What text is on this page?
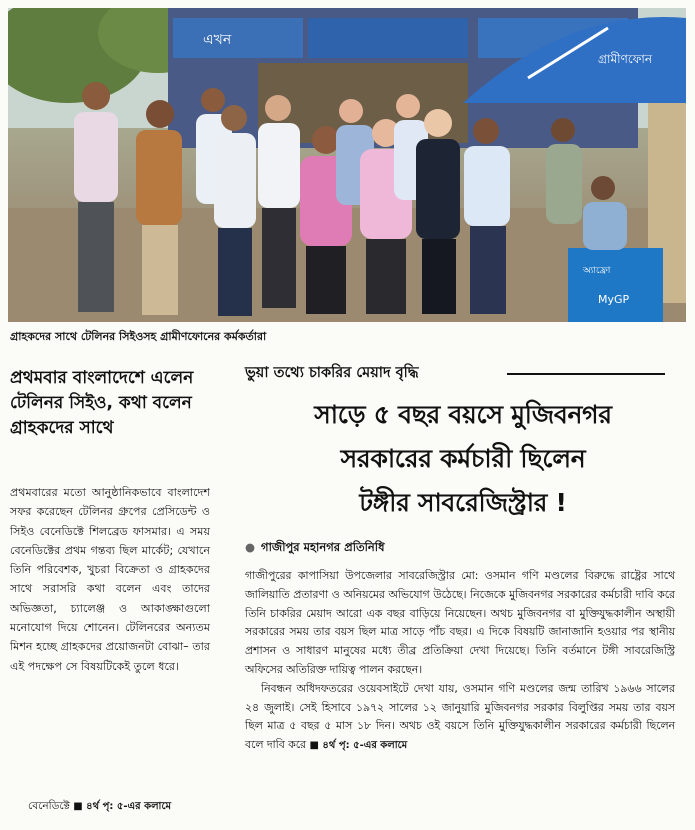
এখন
গ্রামীণফোন
অ্যাফ্রো
MyGP
গ্রাহকদের সাথে টেলিনর সিইওসহ গ্রামীণফোনের কর্মকর্তারা
প্রথমবার বাংলাদেশে এলেন টেলিনর সিইও, কথা বলেন গ্রাহকদের সাথে

প্রথমবারের মতো আনুষ্ঠানিকভাবে বাংলাদেশ সফর করেছেন টেলিনর গ্রুপের প্রেসিডেন্ট ও সিইও বেনেডিক্টে শিলব্রেড ফাসমার। এ সময় বেনেডিক্টের প্রথম গন্তব্য ছিল মার্কেট; যেখানে তিনি পরিবেশক, খুচরা বিক্রেতা ও গ্রাহকদের সাথে সরাসরি কথা বলেন এবং তাদের অভিজ্ঞতা, চ্যালেঞ্জ ও আকাঙ্ক্ষাগুলো মনোযোগ দিয়ে শোনেন। টেলিনরের অন্যতম মিশন হচ্ছে গ্রাহকদের প্রয়োজনটা বোঝা– তার এই পদক্ষেপ সে বিষয়টিকেই তুলে ধরে।

বেনেডিক্টে ■ ৪র্থ পৃ: ৫-এর কলামে

ভুয়া তথ্যে চাকরির মেয়াদ বৃদ্ধি
সাড়ে ৫ বছর বয়সে মুজিবনগর
সরকারের কর্মচারী ছিলেন
টঙ্গীর সাবরেজিস্ট্রার !
● গাজীপুর মহানগর প্রতিনিধি

গাজীপুরের কাপাসিয়া উপজেলার সাবরেজিস্ট্রার মো: ওসমান গণি মণ্ডলের বিরুদ্ধে রাষ্ট্রের সাথে জালিয়াতি প্রতারণা ও অনিয়মের অভিযোগ উঠেছে। নিজেকে মুজিবনগর সরকারের কর্মচারী দাবি করে তিনি চাকরির মেয়াদ আরো এক বছর বাড়িয়ে নিয়েছেন। অথচ মুজিবনগর বা মুক্তিযুদ্ধকালীন অস্থায়ী সরকারের সময় তার বয়স ছিল মাত্র সাড়ে পাঁচ বছর। এ দিকে বিষয়টি জানাজানি হওয়ার পর স্থানীয় প্রশাসন ও সাধারণ মানুষের মধ্যে তীব্র প্রতিক্রিয়া দেখা দিয়েছে। তিনি বর্তমানে টঙ্গী সাবরেজিস্ট্রি অফিসের অতিরিক্ত দায়িত্ব পালন করছেন।

নিবন্ধন অধিদফতরের ওয়েবসাইটে দেখা যায়, ওসমান গণি মণ্ডলের জন্ম তারিখ ১৯৬৬ সালের ২৪ জুলাই। সেই হিসাবে ১৯৭২ সালের ১২ জানুয়ারি মুজিবনগর সরকার বিলুপ্তির সময় তার বয়স ছিল মাত্র ৫ বছর ৫ মাস ১৮ দিন। অথচ ওই বয়সে তিনি মুক্তিযুদ্ধকালীন সরকারের কর্মচারী ছিলেন বলে দাবি করে ■ ৪র্থ পৃ: ৫-এর কলামে
